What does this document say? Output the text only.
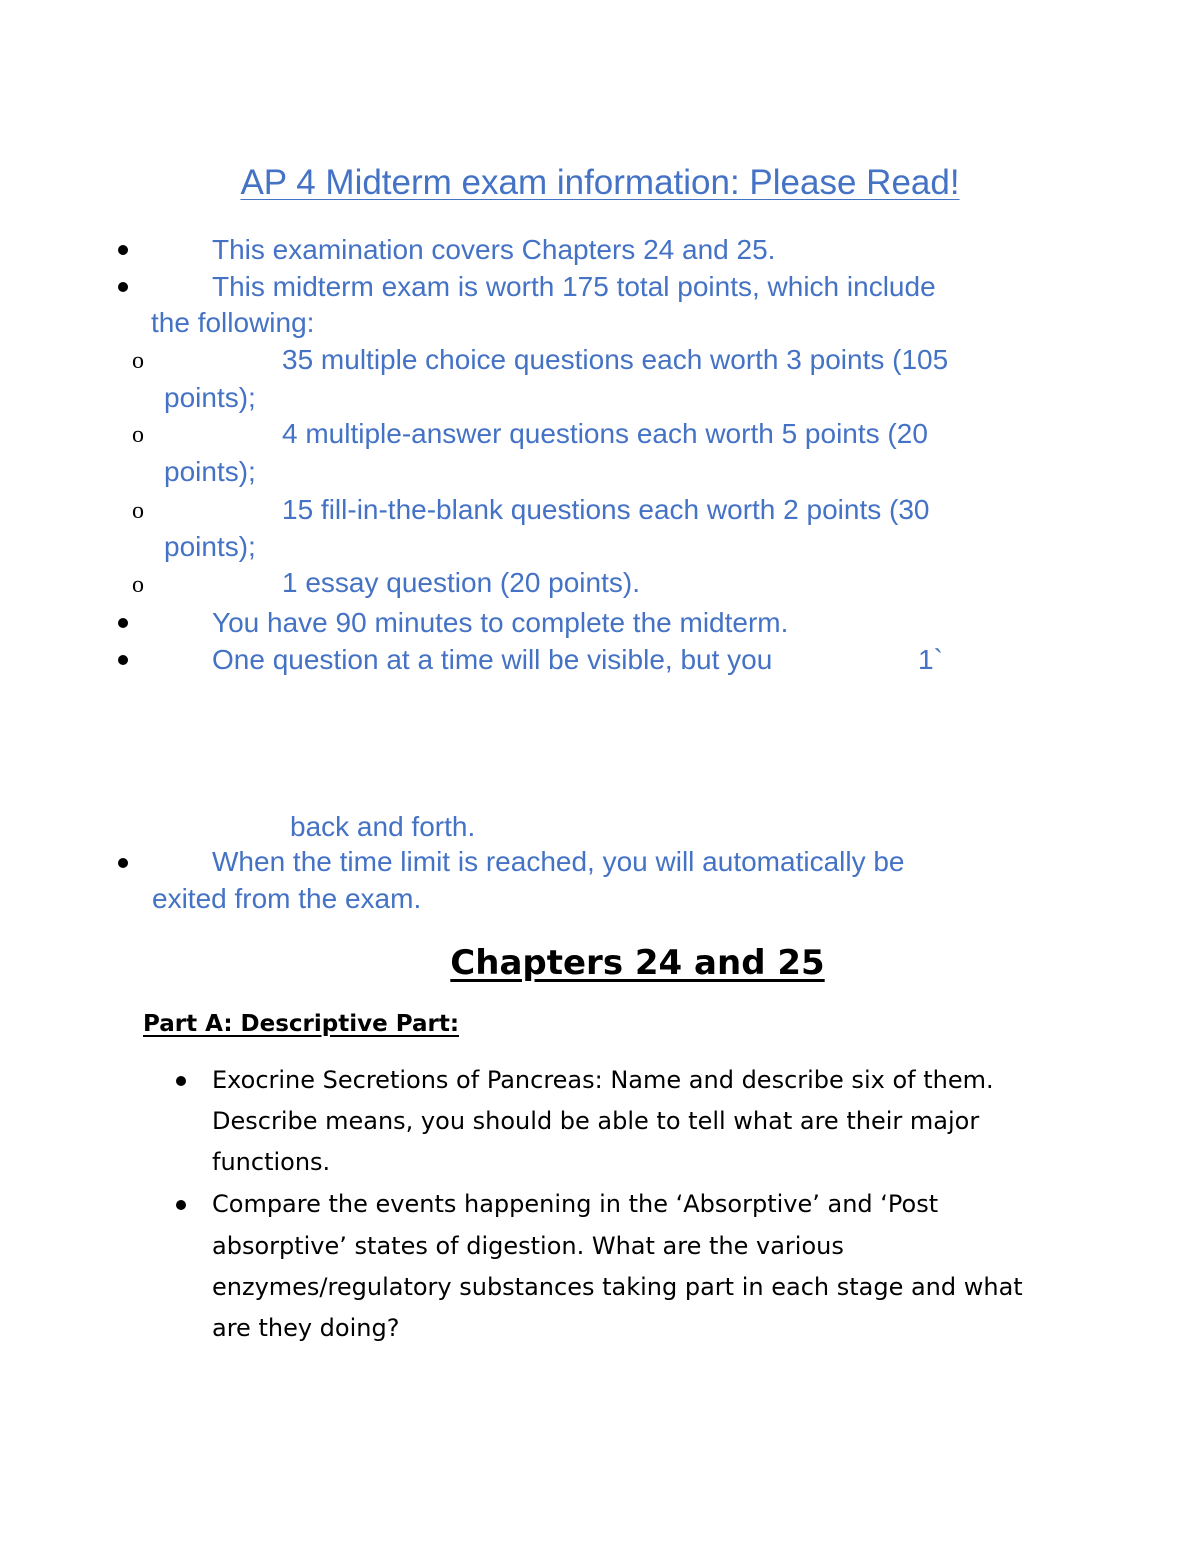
AP 4 Midterm exam information: Please Read!
This examination covers Chapters 24 and 25.
This midterm exam is worth 175 total points, which include
the following:
o	35 multiple choice questions each worth 3 points (105
points);
o	4 multiple-answer questions each worth 5 points (20
points);
o	15 fill-in-the-blank questions each worth 2 points (30
points);
o	1 essay question (20 points).
You have 90 minutes to complete the midterm.
One question at a time will be visible, but you	1`
back and forth.
When the time limit is reached, you will automatically be
exited from the exam.
Chapters 24 and 25
Part A: Descriptive Part:
Exocrine Secretions of Pancreas: Name and describe six of them.
Describe means, you should be able to tell what are their major
functions.
Compare the events happening in the ‘Absorptive’ and ‘Post
absorptive’ states of digestion. What are the various
enzymes/regulatory substances taking part in each stage and what
are they doing?
